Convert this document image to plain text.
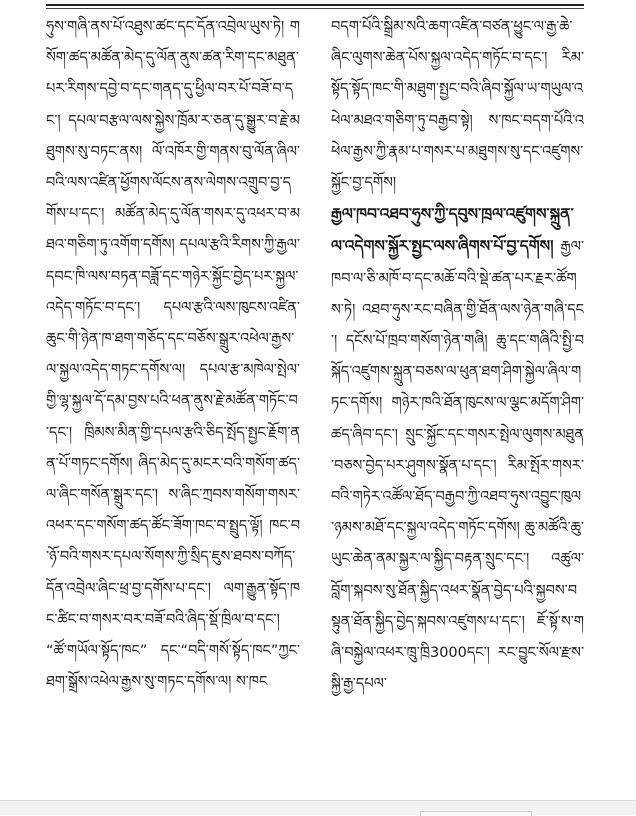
ཧུས་གཞི་ནས་པོ་འཐུས་ཚང་དང་དོན་འབྲེལ་ཡུས་ཏེ། གསོག་ཚད་མཚོན་མེད་དུ་ལོན་ནུས་ཚན་རིག་དང་མཐུན་པར་རིགས་དབྱེ་བ་དང་གནད་དུ་ཕྱིལ་བར་པོ་བཟོ་བ་དང་། དཔལ་བརྩལ་ལས་སྐྱེས་ཁྲོམ་ར་ཅན་དུ་སྒྱུར་བ་རྗེ་མཐུགས་སུ་བཏང་ནས། ལོ་འཁོར་གྱི་གནས་བུ་ལོན་ཞིལ་བའི་ལས་འཛིན་ཕྱོགས་ལོངས་ནས་ལེགས་འགྲུབ་བྱ་དགོས་པ་དང་། མཚོན་མེད་དུ་ལོན་གསར་དུ་འཕར་བ་མཐའ་གཅིག་ཏུ་འགོག་དགོས། དཔལ་རྩའི་རིགས་ཀྱི་རྒྱལ་དབང་ཁི་ལས་བཏན་བཟློ་དང་གཉེར་སྐྱོང་བྱེད་པར་སྐྱལ་འདེད་གཏོང་བ་དང་། དཔལ་རྩའི་ལས་ཁུངས་འཛིན་ཆུང་གི་ཉེན་ཁ་ཐག་གཅོད་དང་བཅོས་སྒྲུར་འཕེལ་རྒྱས་ལ་སྐྱལ་འདེད་གཏང་དགོས་ལ། དཔལ་རྩ་མཁེལ་སྤེལ་གྱི་ལྷ་སྐྱལ་དོ་དམ་བྱས་པའི་ཕན་ནུས་རྗེ་མཚོན་གཏོང་བ་དང་། ཁྲིམས་མིན་གྱི་དཔལ་རྩའི་ཅིད་སྤོད་སྤྱང་རྗོག་ནན་པོ་གཏང་དགོས། ཞིད་མེད་དུ་མངར་བའི་གསོག་ཚད་ལ་ཞིང་གསོན་སྒྲུར་དང་། ས་ཞིང་ཀྲབས་གསོག་གསར་འཕར་དང་གསོག་ཚད་ཚོང་ཟོག་ཁང་བ་སྤྲུད་ལྟོ། ཁང་བ་ཉོ་བའི་གསར་དཔལ་སོགས་ཀྱི་སྲིད་ཇུས་ཐབས་བཀོད་དོན་འབྲེལ་ཞིང་ཕྲ་བྱ་དགོས་པ་དང་། ལག་རྒྱུན་སྟོད་ཁང་ཚིང་བ་གསར་བར་བཟོ་བའི་ཞིད་སྡོ་ཁྲིལ་བ་དང་། “ཚོ་གཡོལ་སྟོད་ཁང” དང་“བདི་གསོ་སྟོད་ཁང”ཀྱང་ཐག་སྒྲོས་འཕེལ་རྒྱས་སུ་གཏང་དགོས་ལ། ས་ཁང

བདག་པོའི་སྒྲིམ་སའི་ཆག་འཛིན་བཙན་ཕྱུང་ལ་རྒྱ་ཆེ་ཞིང་ལུགས་ཆེན་པོས་སྐྱལ་འདེད་གཏོང་བ་དང་། རིམ་སྟོད་སྟོད་ཁང་གི་མཐུག་སྤྱང་བའི་ཞིབ་སྐྱོལ་ཡ་གཡུལ་འཕེལ་མཐའ་གཅིག་ཏུ་བརྒྱབ་སྟེ། ས་ཁང་བདག་པོའི་འཕེལ་རྒྱས་ཀྱི་རྣམ་པ་གསར་པ་མཐུགས་སུ་དང་འཛུགས་སྐྱོང་བྱ་དགོས།

རྒྱལ་ཁབ་འཐབ་ཧུས་ཀྱི་དབུས་ཁྲལ་འཛུགས་སྐྲུན་ལ་འདེགས་སྐྱོར་སྤྱང་ལས་ཞིགས་པོ་བྱ་དགོས། རྒྱལ་ཁབ་ལ་ཅི་མཁོ་བ་དང་མཆོ་བའི་སྡེ་ཚན་པར་རྗར་ཚོགས་ཏེ། འཐབ་ཧུས་རང་བཞིན་གྱི་ཐོན་ལས་ཉེན་གཞི་དང་། དངོས་པོ་ཁྲབ་གསོག་ཉེན་གཞི། ཆུ་དང་གཞིའི་སྤྱི་བསྐོད་འཛུགས་སྐྲུན་བཅས་ལ་ཕུན་ཐག་ཤིག་སྐྱེལ་ཞིལ་གཏང་དགོས། གཉེར་ཁའི་ཐོན་ཁུངས་ལ་ལྕང་མདོག་ཤིག་ཚད་ཞིབ་དང་། སྲུང་སྐྱོང་དང་གསར་སྤེལ་ལུགས་མཐུན་བཅས་བྱེད་པར་ཤུགས་སྣོན་པ་དང་། རིམ་སྤོར་གསར་བའི་གཏེར་འཚོལ་ཐོད་བརྒྱབ་ཀྱི་འཐབ་ཧུས་འབྱུང་ཁུལ་ཉམས་མཐོ་དང་སྐྱལ་འདེད་གཏོང་དགོས། ཆུ་མཚོའི་ཆུ་ཡུང་ཆེན་ནམ་སྐྱར་ལ་སྐྱིད་བརྟན་སྲུང་དང་། འཚུལ་བློག་སྐབས་སུ་ཐོན་སྐྱིད་འཕར་སྣོན་བྱེད་པའི་སྐྱབས་བསྟུན་ཐོན་སྐྱིད་བྱེད་སྐབས་འཛུགས་པ་དང་། ཇོ་སྟོ་ས་གཞི་བསྐྱེལ་འཕར་ཁྲུ་ཁྲི3000དང་། རང་བྱུང་སོལ་རྫས་སྐྱི་རྒྱ་དཔལ་
